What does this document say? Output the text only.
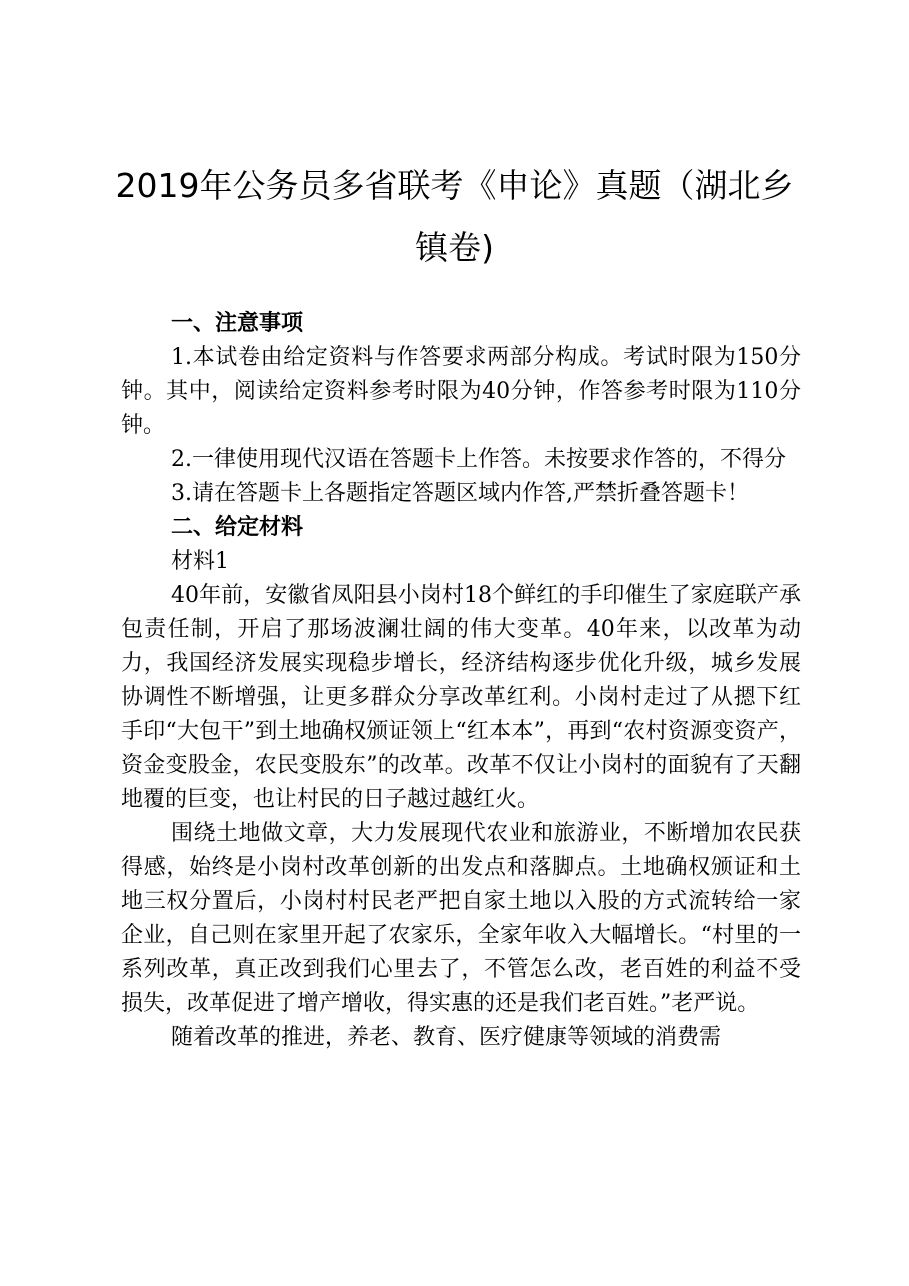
2019年公务员多省联考《申论》真题（湖北乡镇卷)

一、注意事项

1.本试卷由给定资料与作答要求两部分构成。考试时限为150分钟。其中，阅读给定资料参考时限为40分钟，作答参考时限为110分钟。

2.一律使用现代汉语在答题卡上作答。未按要求作答的，不得分

3.请在答题卡上各题指定答题区域内作答,严禁折叠答题卡！

二、给定材料

材料1

40年前，安徽省凤阳县小岗村18个鲜红的手印催生了家庭联产承包责任制，开启了那场波澜壮阔的伟大变革。40年来，以改革为动力，我国经济发展实现稳步增长，经济结构逐步优化升级，城乡发展协调性不断增强，让更多群众分享改革红利。小岗村走过了从摁下红手印“大包干”到土地确权颁证领上“红本本”，再到“农村资源变资产，资金变股金，农民变股东”的改革。改革不仅让小岗村的面貌有了天翻地覆的巨变，也让村民的日子越过越红火。

围绕土地做文章，大力发展现代农业和旅游业，不断增加农民获得感，始终是小岗村改革创新的出发点和落脚点。土地确权颁证和土地三权分置后，小岗村村民老严把自家土地以入股的方式流转给一家企业，自己则在家里开起了农家乐，全家年收入大幅增长。“村里的一系列改革，真正改到我们心里去了，不管怎么改，老百姓的利益不受损失，改革促进了增产增收，得实惠的还是我们老百姓。”老严说。

随着改革的推进，养老、教育、医疗健康等领域的消费需
